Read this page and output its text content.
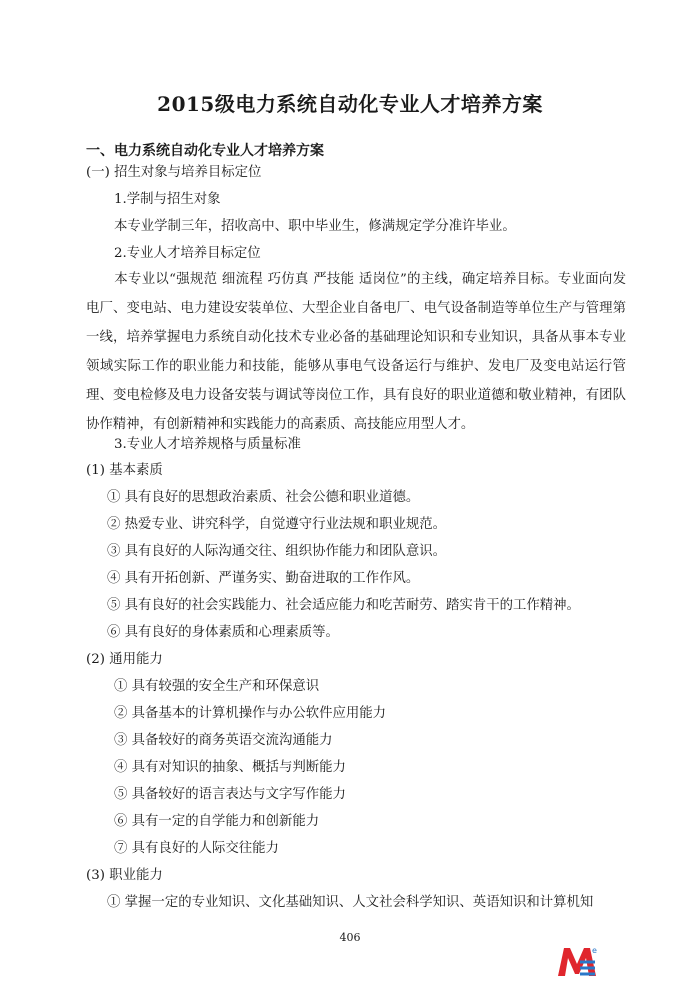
2015级电力系统自动化专业人才培养方案
一、电力系统自动化专业人才培养方案
(一) 招生对象与培养目标定位
1.学制与招生对象
本专业学制三年，招收高中、职中毕业生，修满规定学分准许毕业。
2.专业人才培养目标定位
本专业以“强规范 细流程 巧仿真 严技能 适岗位”的主线，确定培养目标。专业面向发电厂、变电站、电力建设安装单位、大型企业自备电厂、电气设备制造等单位生产与管理第一线，培养掌握电力系统自动化技术专业必备的基础理论知识和专业知识，具备从事本专业领域实际工作的职业能力和技能，能够从事电气设备运行与维护、发电厂及变电站运行管理、变电检修及电力设备安装与调试等岗位工作，具有良好的职业道德和敬业精神，有团队协作精神，有创新精神和实践能力的高素质、高技能应用型人才。
3.专业人才培养规格与质量标准
(1) 基本素质
① 具有良好的思想政治素质、社会公德和职业道德。
② 热爱专业、讲究科学，自觉遵守行业法规和职业规范。
③ 具有良好的人际沟通交往、组织协作能力和团队意识。
④ 具有开拓创新、严谨务实、勤奋进取的工作作风。
⑤ 具有良好的社会实践能力、社会适应能力和吃苦耐劳、踏实肯干的工作精神。
⑥ 具有良好的身体素质和心理素质等。
(2) 通用能力
① 具有较强的安全生产和环保意识
② 具备基本的计算机操作与办公软件应用能力
③ 具备较好的商务英语交流沟通能力
④ 具有对知识的抽象、概括与判断能力
⑤ 具备较好的语言表达与文字写作能力
⑥ 具有一定的自学能力和创新能力
⑦ 具有良好的人际交往能力
(3) 职业能力
① 掌握一定的专业知识、文化基础知识、人文社会科学知识、英语知识和计算机知
406
e
